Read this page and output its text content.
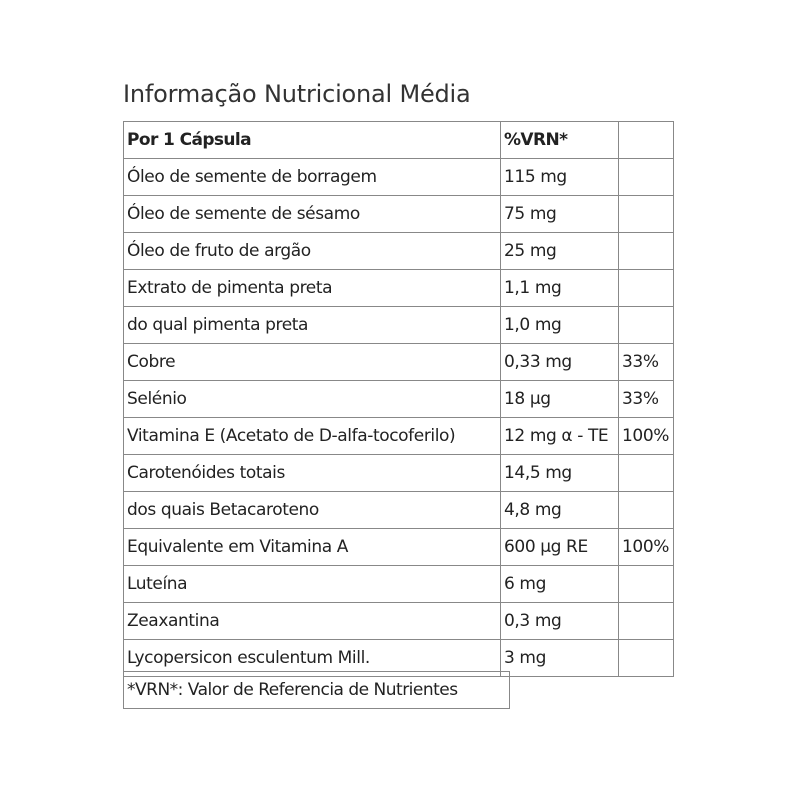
Informação Nutricional Média
Por 1 Cápsula	%VRN*	
Óleo de semente de borragem	115 mg	
Óleo de semente de sésamo	75 mg	
Óleo de fruto de argão	25 mg	
Extrato de pimenta preta	1,1 mg	
do qual pimenta preta	1,0 mg	
Cobre	0,33 mg	33%
Selénio	18 µg	33%
Vitamina E (Acetato de D-alfa-tocoferilo)	12 mg α - TE	100%
Carotenóides totais	14,5 mg	
dos quais Betacaroteno	4,8 mg	
Equivalente em Vitamina A	600 µg RE	100%
Luteína	6 mg	
Zeaxantina	0,3 mg	
Lycopersicon esculentum Mill.	3 mg	
*VRN*: Valor de Referencia de Nutrientes
